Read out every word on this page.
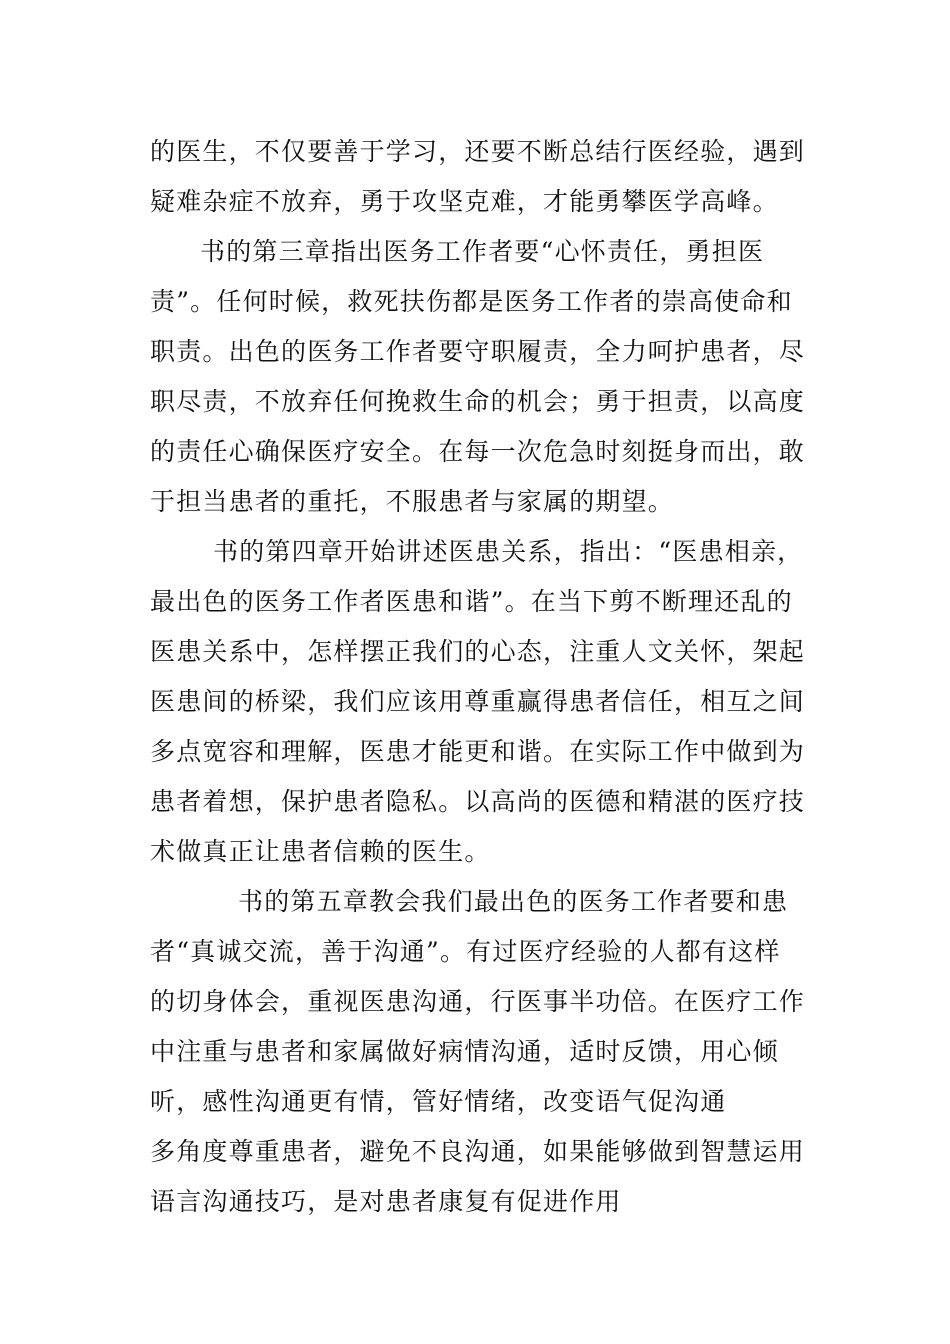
的医生，不仅要善于学习，还要不断总结行医经验，遇到
疑难杂症不放弃，勇于攻坚克难，才能勇攀医学高峰。
书的第三章指出医务工作者要“心怀责任，勇担医
责”。任何时候，救死扶伤都是医务工作者的崇高使命和
职责。出色的医务工作者要守职履责，全力呵护患者，尽
职尽责，不放弃任何挽救生命的机会；勇于担责，以高度
的责任心确保医疗安全。在每一次危急时刻挺身而出，敢
于担当患者的重托，不服患者与家属的期望。
书的第四章开始讲述医患关系，指出：“医患相亲，
最出色的医务工作者医患和谐”。在当下剪不断理还乱的
医患关系中，怎样摆正我们的心态，注重人文关怀，架起
医患间的桥梁，我们应该用尊重赢得患者信任，相互之间
多点宽容和理解，医患才能更和谐。在实际工作中做到为
患者着想，保护患者隐私。以高尚的医德和精湛的医疗技
术做真正让患者信赖的医生。
书的第五章教会我们最出色的医务工作者要和患
者“真诚交流，善于沟通”。有过医疗经验的人都有这样
的切身体会，重视医患沟通，行医事半功倍。在医疗工作
中注重与患者和家属做好病情沟通，适时反馈，用心倾
听，感性沟通更有情，管好情绪，改变语气促沟通
多角度尊重患者，避免不良沟通，如果能够做到智慧运用
语言沟通技巧，是对患者康复有促进作用
